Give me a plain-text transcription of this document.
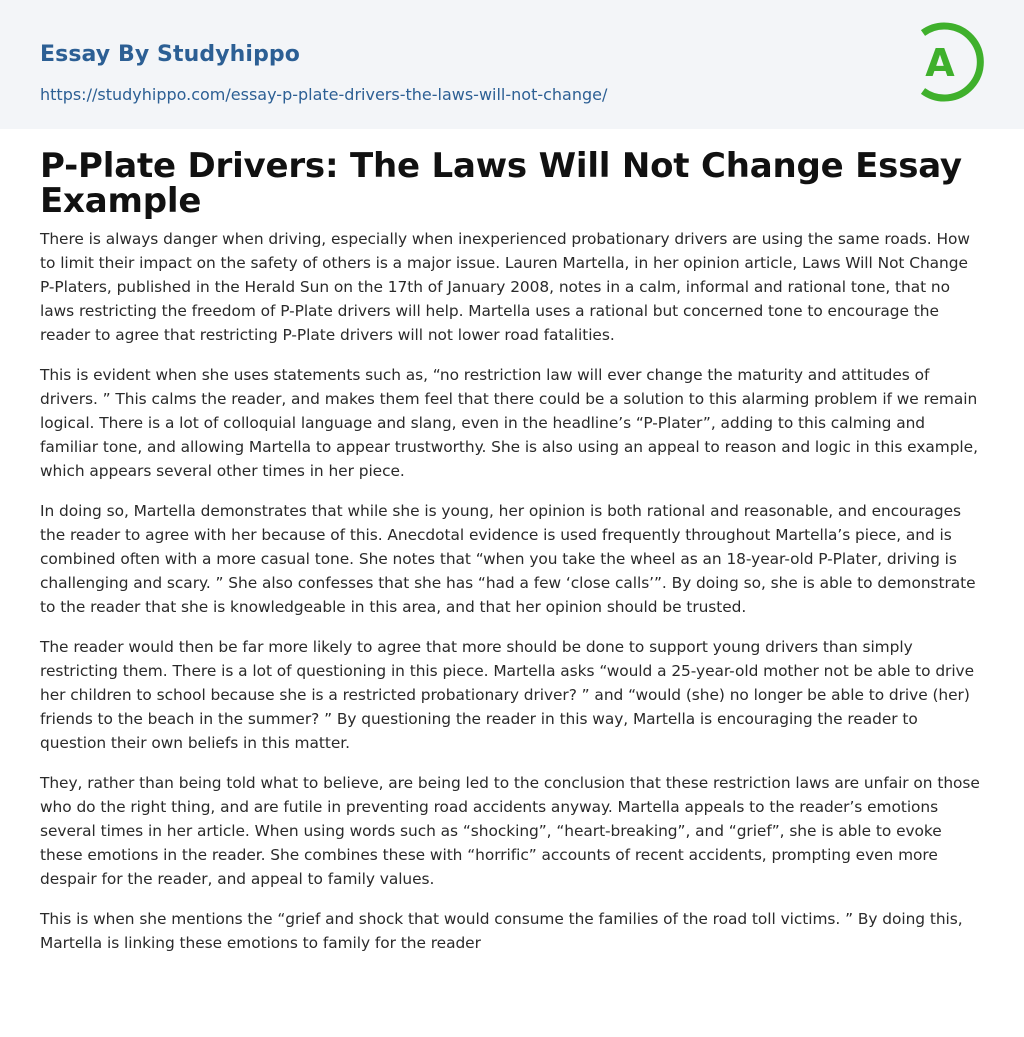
Essay By Studyhippo
https://studyhippo.com/essay-p-plate-drivers-the-laws-will-not-change/
A
P-Plate Drivers: The Laws Will Not Change Essay Example

There is always danger when driving, especially when inexperienced probationary drivers are using the same roads. How to limit their impact on the safety of others is a major issue. Lauren Martella, in her opinion article, Laws Will Not Change P-Platers, published in the Herald Sun on the 17th of January 2008, notes in a calm, informal and rational tone, that no laws restricting the freedom of P-Plate drivers will help. Martella uses a rational but concerned tone to encourage the reader to agree that restricting P-Plate drivers will not lower road fatalities.

This is evident when she uses statements such as, “no restriction law will ever change the maturity and attitudes of drivers. ” This calms the reader, and makes them feel that there could be a solution to this alarming problem if we remain logical. There is a lot of colloquial language and slang, even in the headline’s “P-Plater”, adding to this calming and familiar tone, and allowing Martella to appear trustworthy. She is also using an appeal to reason and logic in this example, which appears several other times in her piece.

In doing so, Martella demonstrates that while she is young, her opinion is both rational and reasonable, and encourages the reader to agree with her because of this. Anecdotal evidence is used frequently throughout Martella’s piece, and is combined often with a more casual tone. She notes that “when you take the wheel as an 18-year-old P-Plater, driving is challenging and scary. ” She also confesses that she has “had a few ‘close calls’”. By doing so, she is able to demonstrate to the reader that she is knowledgeable in this area, and that her opinion should be trusted.

The reader would then be far more likely to agree that more should be done to support young drivers than simply restricting them. There is a lot of questioning in this piece. Martella asks “would a 25-year-old mother not be able to drive her children to school because she is a restricted probationary driver? ” and “would (she) no longer be able to drive (her) friends to the beach in the summer? ” By questioning the reader in this way, Martella is encouraging the reader to question their own beliefs in this matter.

They, rather than being told what to believe, are being led to the conclusion that these restriction laws are unfair on those who do the right thing, and are futile in preventing road accidents anyway. Martella appeals to the reader’s emotions several times in her article. When using words such as “shocking”, “heart-breaking”, and “grief”, she is able to evoke these emotions in the reader. She combines these with “horrific” accounts of recent accidents, prompting even more despair for the reader, and appeal to family values.

This is when she mentions the “grief and shock that would consume the families of the road toll victims. ” By doing this, Martella is linking these emotions to family for the reader
